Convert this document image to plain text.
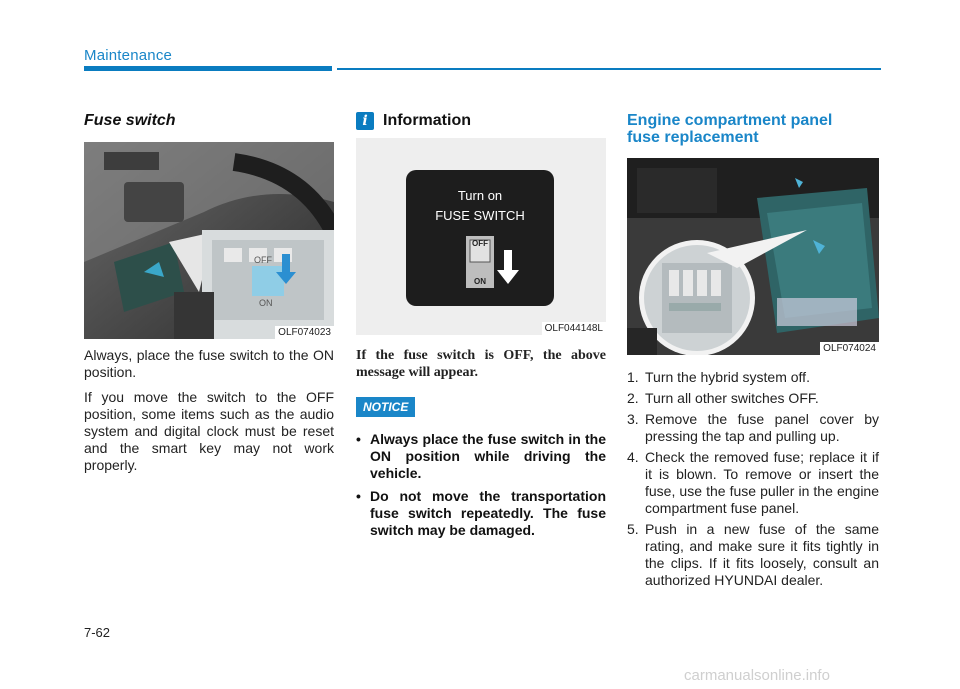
Maintenance
Fuse switch
OFF
ON
OLF074023

Always, place the fuse switch to the ON position.

If you move the switch to the OFF position, some items such as the audio system and digital clock must be reset and the smart key may not work properly.

i Information
Turn on
FUSE SWITCH
OFF
ON
OLF044148L

If the fuse switch is OFF, the above message will appear.

NOTICE
• Always place the fuse switch in the ON position while driving the vehicle.
• Do not move the transportation fuse switch repeatedly. The fuse switch may be damaged.
Engine compartment panel fuse replacement
OLF074024
1. Turn the hybrid system off.
2. Turn all other switches OFF.
3. Remove the fuse panel cover by pressing the tap and pulling up.
4. Check the removed fuse; replace it if it is blown. To remove or insert the fuse, use the fuse puller in the engine compartment fuse panel.
5. Push in a new fuse of the same rating, and make sure it fits tightly in the clips. If it fits loosely, consult an authorized HYUNDAI dealer.
7-62
carmanualsonline.info
